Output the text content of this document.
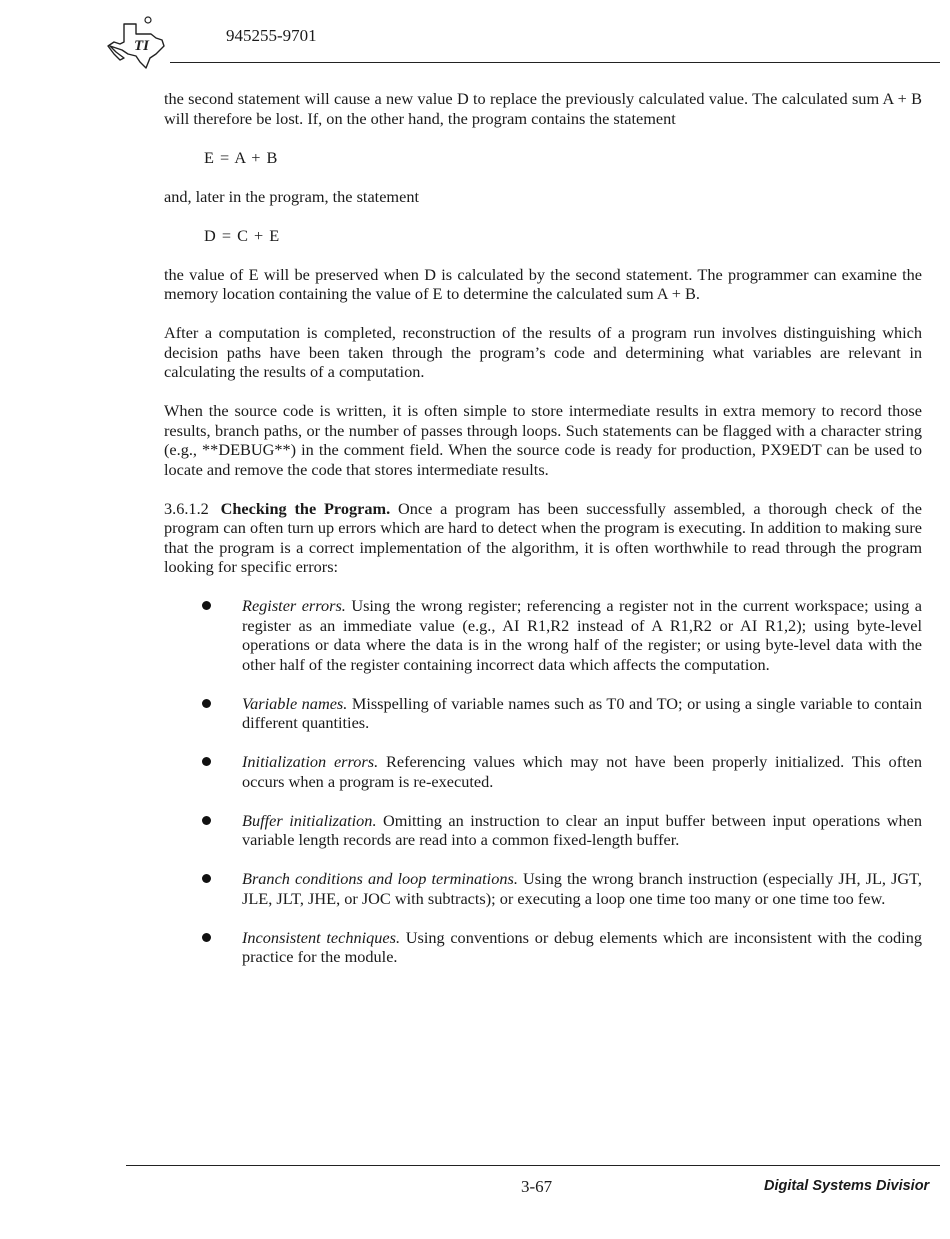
TI
945255-9701

the second statement will cause a new value D to replace the previously calculated value. The calculated sum A + B will therefore be lost. If, on the other hand, the program contains the statement

E = A + B

and, later in the program, the statement

D = C + E

the value of E will be preserved when D is calculated by the second statement. The programmer can examine the memory location containing the value of E to determine the calculated sum A + B.

After a computation is completed, reconstruction of the results of a program run involves distinguishing which decision paths have been taken through the program’s code and determining what variables are relevant in calculating the results of a computation.

When the source code is written, it is often simple to store intermediate results in extra memory to record those results, branch paths, or the number of passes through loops. Such statements can be flagged with a character string (e.g., **DEBUG**) in the comment field. When the source code is ready for production, PX9EDT can be used to locate and remove the code that stores intermediate results.

3.6.1.2 Checking the Program. Once a program has been successfully assembled, a thorough check of the program can often turn up errors which are hard to detect when the program is executing. In addition to making sure that the program is a correct implementation of the algorithm, it is often worthwhile to read through the program looking for specific errors:

Register errors. Using the wrong register; referencing a register not in the current workspace; using a register as an immediate value (e.g., AI R1,R2 instead of A R1,R2 or AI R1,2); using byte-level operations or data where the data is in the wrong half of the register; or using byte-level data with the other half of the register containing incorrect data which affects the computation.
Variable names. Misspelling of variable names such as T0 and TO; or using a single variable to contain different quantities.
Initialization errors. Referencing values which may not have been properly initialized. This often occurs when a program is re-executed.
Buffer initialization. Omitting an instruction to clear an input buffer between input operations when variable length records are read into a common fixed-length buffer.
Branch conditions and loop terminations. Using the wrong branch instruction (especially JH, JL, JGT, JLE, JLT, JHE, or JOC with subtracts); or executing a loop one time too many or one time too few.
Inconsistent techniques. Using conventions or debug elements which are inconsistent with the coding practice for the module.
3-67	Digital Systems Divisior
